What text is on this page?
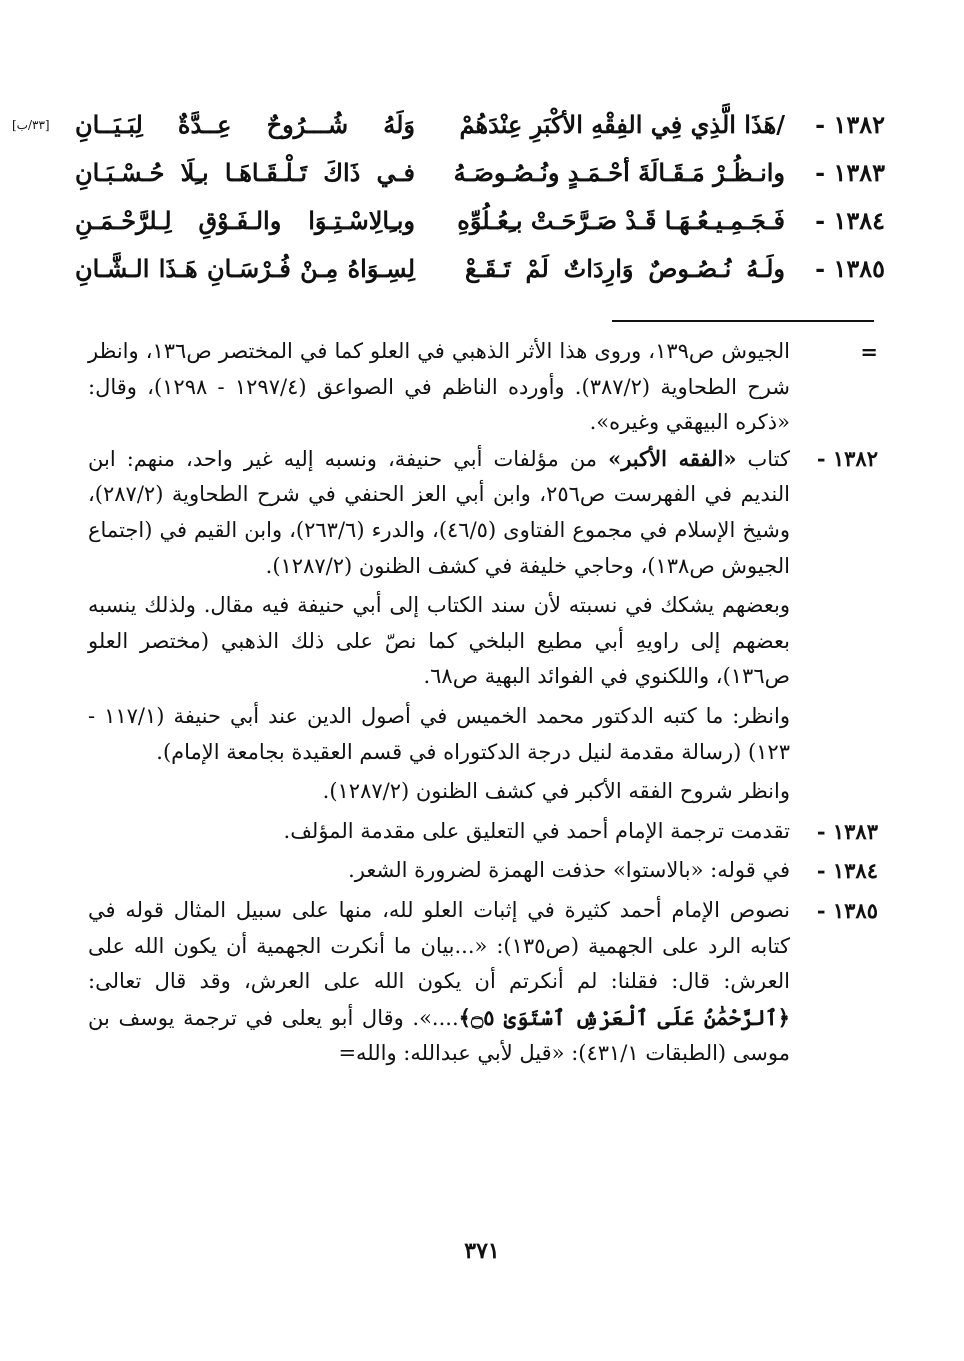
١٣٨٢ -
/هَذَا الَّذِي فِي الفِقْهِ الأكْبَرِ عِنْدَهُمْ
وَلَهُ شُـــرُوحٌ عِــدَّةٌ لِبَـيَــانِ
[٣٣/ب]
١٣٨٣ -
وانـظُـرْ مَـقَـالَةَ أحْـمَـدٍ ونُـصُـوصَـهُ
فـي ذَاكَ تَـلْـقَـاهَـا بـِلَا حُـسْـبَـانِ
١٣٨٤ -
فَـجَـمِـيـعُـهَـا قَـدْ صَـرَّحَـتْ بـِعُـلُوِّهِ
وبـِالِاسْـتِـوَا والـفَـوْقِ لِـلرَّحْـمَـنِ
١٣٨٥ -
ولَـهُ نُـصُـوصٌ وَارِدَاتٌ لَمْ تَـقَـعْ
لِسِـوَاهُ مِـنْ فُـرْسَـانِ هَـذَا الـشَّـانِ
=

الجيوش ص١٣٩، وروى هذا الأثر الذهبي في العلو كما في المختصر ص١٣٦، وانظر شرح الطحاوية (٣٨٧/٢). وأورده الناظم في الصواعق (١٢٩٧/٤ - ١٢٩٨)، وقال: «ذكره البيهقي وغيره».

١٣٨٢ -

كتاب «الفقه الأكبر» من مؤلفات أبي حنيفة، ونسبه إليه غير واحد، منهم: ابن النديم في الفهرست ص٢٥٦، وابن أبي العز الحنفي في شرح الطحاوية (٢٨٧/٢)، وشيخ الإسلام في مجموع الفتاوى (٤٦/٥)، والدرء (٢٦٣/٦)، وابن القيم في (اجتماع الجيوش ص١٣٨)، وحاجي خليفة في كشف الظنون (١٢٨٧/٢).

وبعضهم يشكك في نسبته لأن سند الكتاب إلى أبي حنيفة فيه مقال. ولذلك ينسبه بعضهم إلى راويهِ أبي مطيع البلخي كما نصّ على ذلك الذهبي (مختصر العلو ص١٣٦)، واللكنوي في الفوائد البهية ص٦٨.

وانظر: ما كتبه الدكتور محمد الخميس في أصول الدين عند أبي حنيفة (١١٧/١ - ١٢٣) (رسالة مقدمة لنيل درجة الدكتوراه في قسم العقيدة بجامعة الإمام).

وانظر شروح الفقه الأكبر في كشف الظنون (١٢٨٧/٢).

١٣٨٣ -

تقدمت ترجمة الإمام أحمد في التعليق على مقدمة المؤلف.

١٣٨٤ -

في قوله: «بالاستوا» حذفت الهمزة لضرورة الشعر.

١٣٨٥ -

نصوص الإمام أحمد كثيرة في إثبات العلو لله، منها على سبيل المثال قوله في كتابه الرد على الجهمية (ص١٣٥): «...بيان ما أنكرت الجهمية أن يكون الله على العرش: قال: فقلنا: لم أنكرتم أن يكون الله على العرش، وقد قال تعالى: ﴿ٱلرَّحْمَٰنُ عَلَى ٱلْعَرْشِ ٱسْتَوَىٰ ۝٥﴾....». وقال أبو يعلى في ترجمة يوسف بن موسى (الطبقات ٤٣١/١): «قيل لأبي عبدالله: والله=

٣٧١
